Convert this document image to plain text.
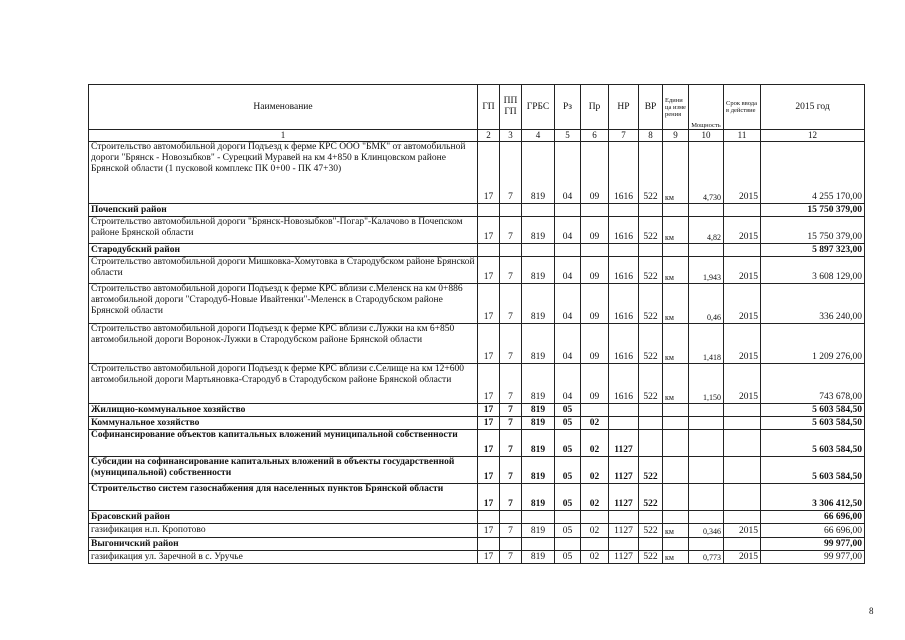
Наименование	ГП	ПП ГП	ГРБС	Рз	Пр	НР	ВР	Единица измерения	Мощность	Срок ввода в действие	2015 год
1	2	3	4	5	6	7	8	9	10	11	12
Строительство автомобильной дороги Подъезд к ферме КРС ООО "БМК" от автомобильной дороги "Брянск - Новозыбков" - Сурецкий Муравей на км 4+850 в Клинцовском районе Брянской области (1 пусковой комплекс ПК 0+00 - ПК 47+30)	17	7	819	04	09	1616	522	км	4,730	2015	4 255 170,00
Почепский район											15 750 379,00
Строительство автомобильной дороги "Брянск-Новозыбков"-Погар"-Калачово в Почепском районе Брянской области	17	7	819	04	09	1616	522	км	4,82	2015	15 750 379,00
Стародубский район											5 897 323,00
Строительство автомобильной дороги Мишковка-Хомутовка в Стародубском районе Брянской области	17	7	819	04	09	1616	522	км	1,943	2015	3 608 129,00
Строительство автомобильной дороги Подъезд к ферме КРС вблизи с.Меленск на км 0+886 автомобильной дороги "Стародуб-Новые Ивайтенки"-Меленск в Стародубском районе Брянской области	17	7	819	04	09	1616	522	км	0,46	2015	336 240,00
Строительство автомобильной дороги Подъезд к ферме КРС вблизи с.Лужки на км 6+850 автомобильной дороги Воронок-Лужки в Стародубском районе Брянской области	17	7	819	04	09	1616	522	км	1,418	2015	1 209 276,00
Строительство автомобильной дороги Подъезд к ферме КРС вблизи с.Селище на км 12+600 автомобильной дороги Мартьяновка-Стародуб в Стародубском районе Брянской области	17	7	819	04	09	1616	522	км	1,150	2015	743 678,00
Жилищно-коммунальное хозяйство	17	7	819	05							5 603 584,50
Коммунальное хозяйство	17	7	819	05	02						5 603 584,50
Софинансирование объектов капитальных вложений муниципальной собственности	17	7	819	05	02	1127					5 603 584,50
Субсидии на софинансирование капитальных вложений в объекты государственной (муниципальной) собственности	17	7	819	05	02	1127	522				5 603 584,50
Строительство систем газоснабжения для населенных пунктов Брянской области	17	7	819	05	02	1127	522				3 306 412,50
Брасовский район											66 696,00
газификация н.п. Кропотово	17	7	819	05	02	1127	522	км	0,346	2015	66 696,00
Выгоничский район											99 977,00
газификация ул. Заречной в с. Уручье	17	7	819	05	02	1127	522	км	0,773	2015	99 977,00
8
